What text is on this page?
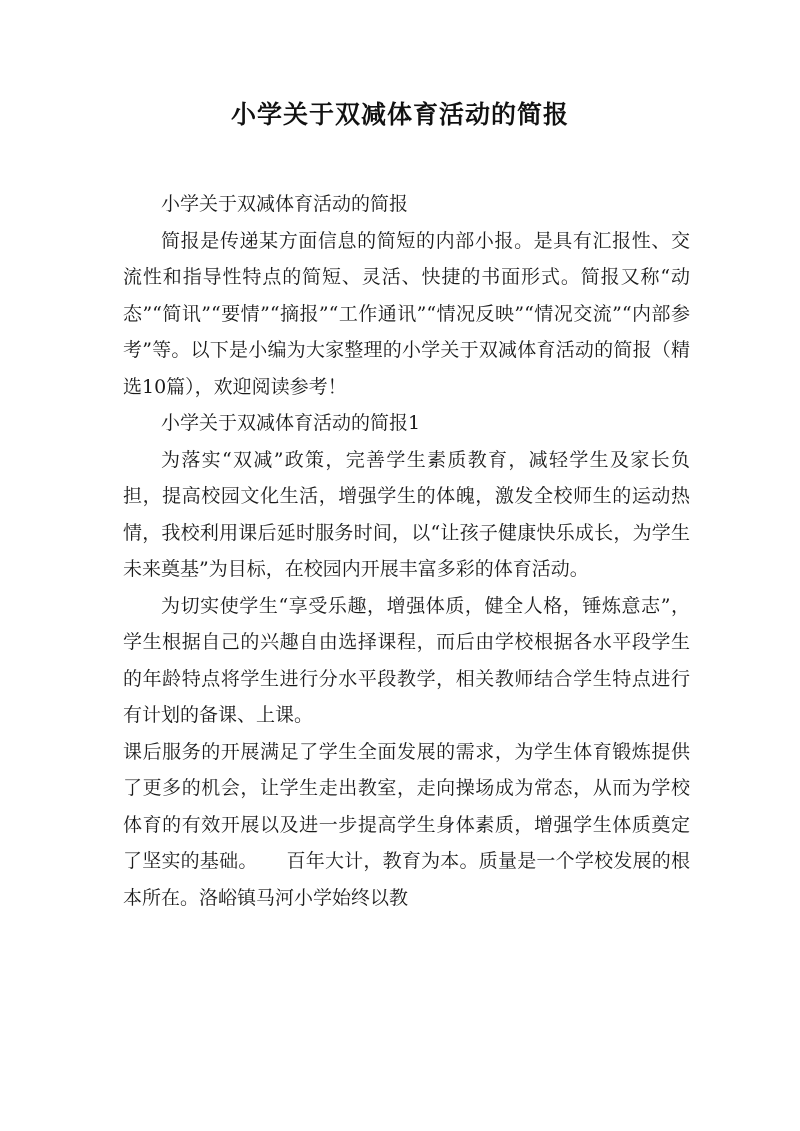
小学关于双减体育活动的简报

小学关于双减体育活动的简报

简报是传递某方面信息的简短的内部小报。是具有汇报性、交流性和指导性特点的简短、灵活、快捷的书面形式。简报又称“动态”“简讯”“要情”“摘报”“工作通讯”“情况反映”“情况交流”“内部参考”等。以下是小编为大家整理的小学关于双减体育活动的简报（精选10篇），欢迎阅读参考！

小学关于双减体育活动的简报1

为落实“双减”政策，完善学生素质教育，减轻学生及家长负担，提高校园文化生活，增强学生的体魄，激发全校师生的运动热情，我校利用课后延时服务时间，以“让孩子健康快乐成长，为学生未来奠基”为目标，在校园内开展丰富多彩的体育活动。

为切实使学生“享受乐趣，增强体质，健全人格，锤炼意志”，学生根据自己的兴趣自由选择课程，而后由学校根据各水平段学生的年龄特点将学生进行分水平段教学，相关教师结合学生特点进行有计划的备课、上课。

课后服务的开展满足了学生全面发展的需求，为学生体育锻炼提供了更多的机会，让学生走出教室，走向操场成为常态，从而为学校体育的有效开展以及进一步提高学生身体素质，增强学生体质奠定了坚实的基础。　　百年大计，教育为本。质量是一个学校发展的根本所在。洛峪镇马河小学始终以教
